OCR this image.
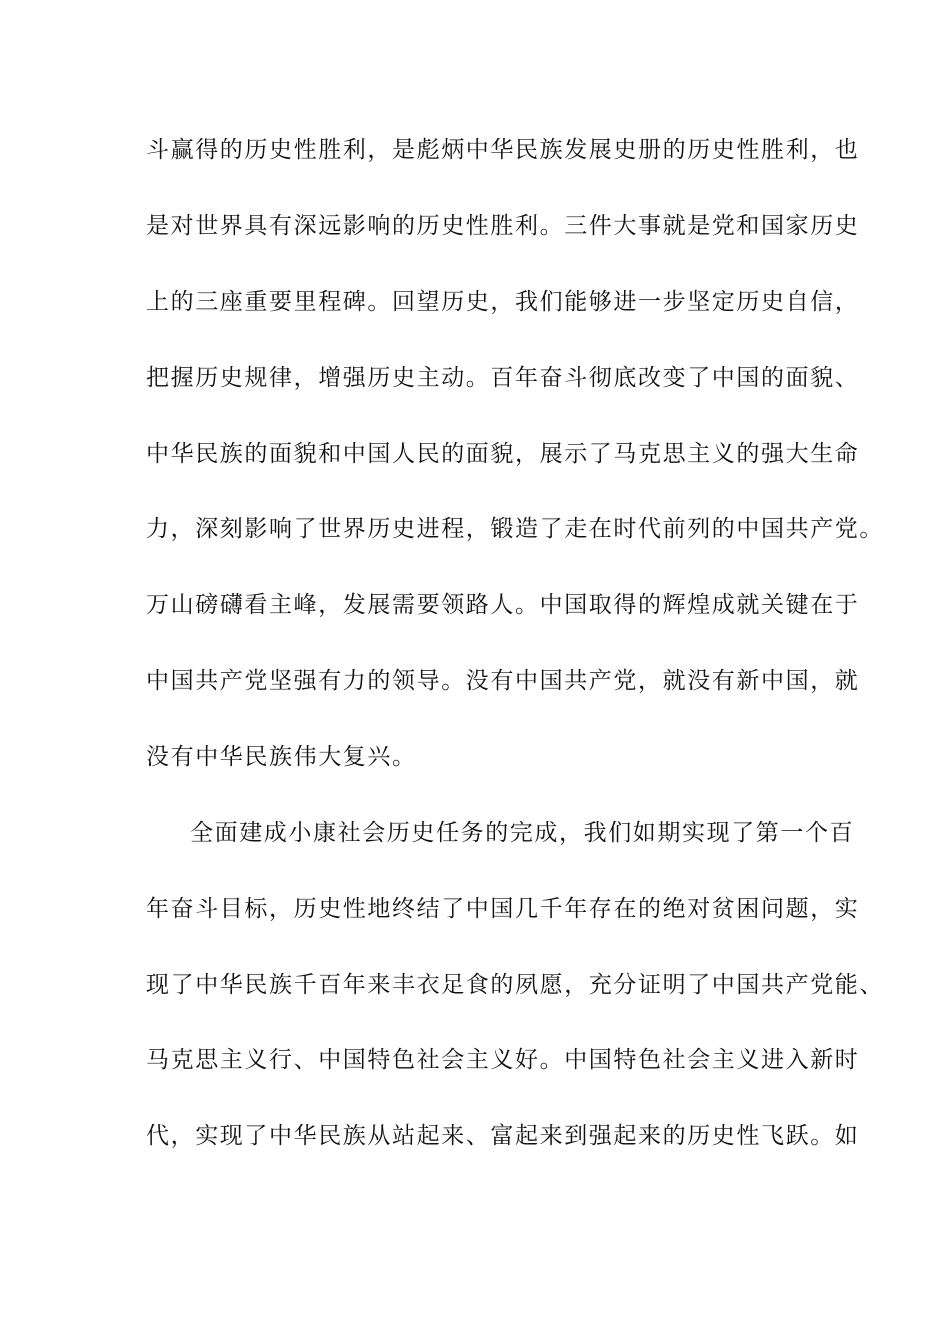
斗赢得的历史性胜利，是彪炳中华民族发展史册的历史性胜利，也
是对世界具有深远影响的历史性胜利。三件大事就是党和国家历史
上的三座重要里程碑。回望历史，我们能够进一步坚定历史自信，
把握历史规律，增强历史主动。百年奋斗彻底改变了中国的面貌、
中华民族的面貌和中国人民的面貌，展示了马克思主义的强大生命
力，深刻影响了世界历史进程，锻造了走在时代前列的中国共产党。
万山磅礴看主峰，发展需要领路人。中国取得的辉煌成就关键在于
中国共产党坚强有力的领导。没有中国共产党，就没有新中国，就
没有中华民族伟大复兴。
全面建成小康社会历史任务的完成，我们如期实现了第一个百
年奋斗目标，历史性地终结了中国几千年存在的绝对贫困问题，实
现了中华民族千百年来丰衣足食的夙愿，充分证明了中国共产党能、
马克思主义行、中国特色社会主义好。中国特色社会主义进入新时
代，实现了中华民族从站起来、富起来到强起来的历史性飞跃。如
